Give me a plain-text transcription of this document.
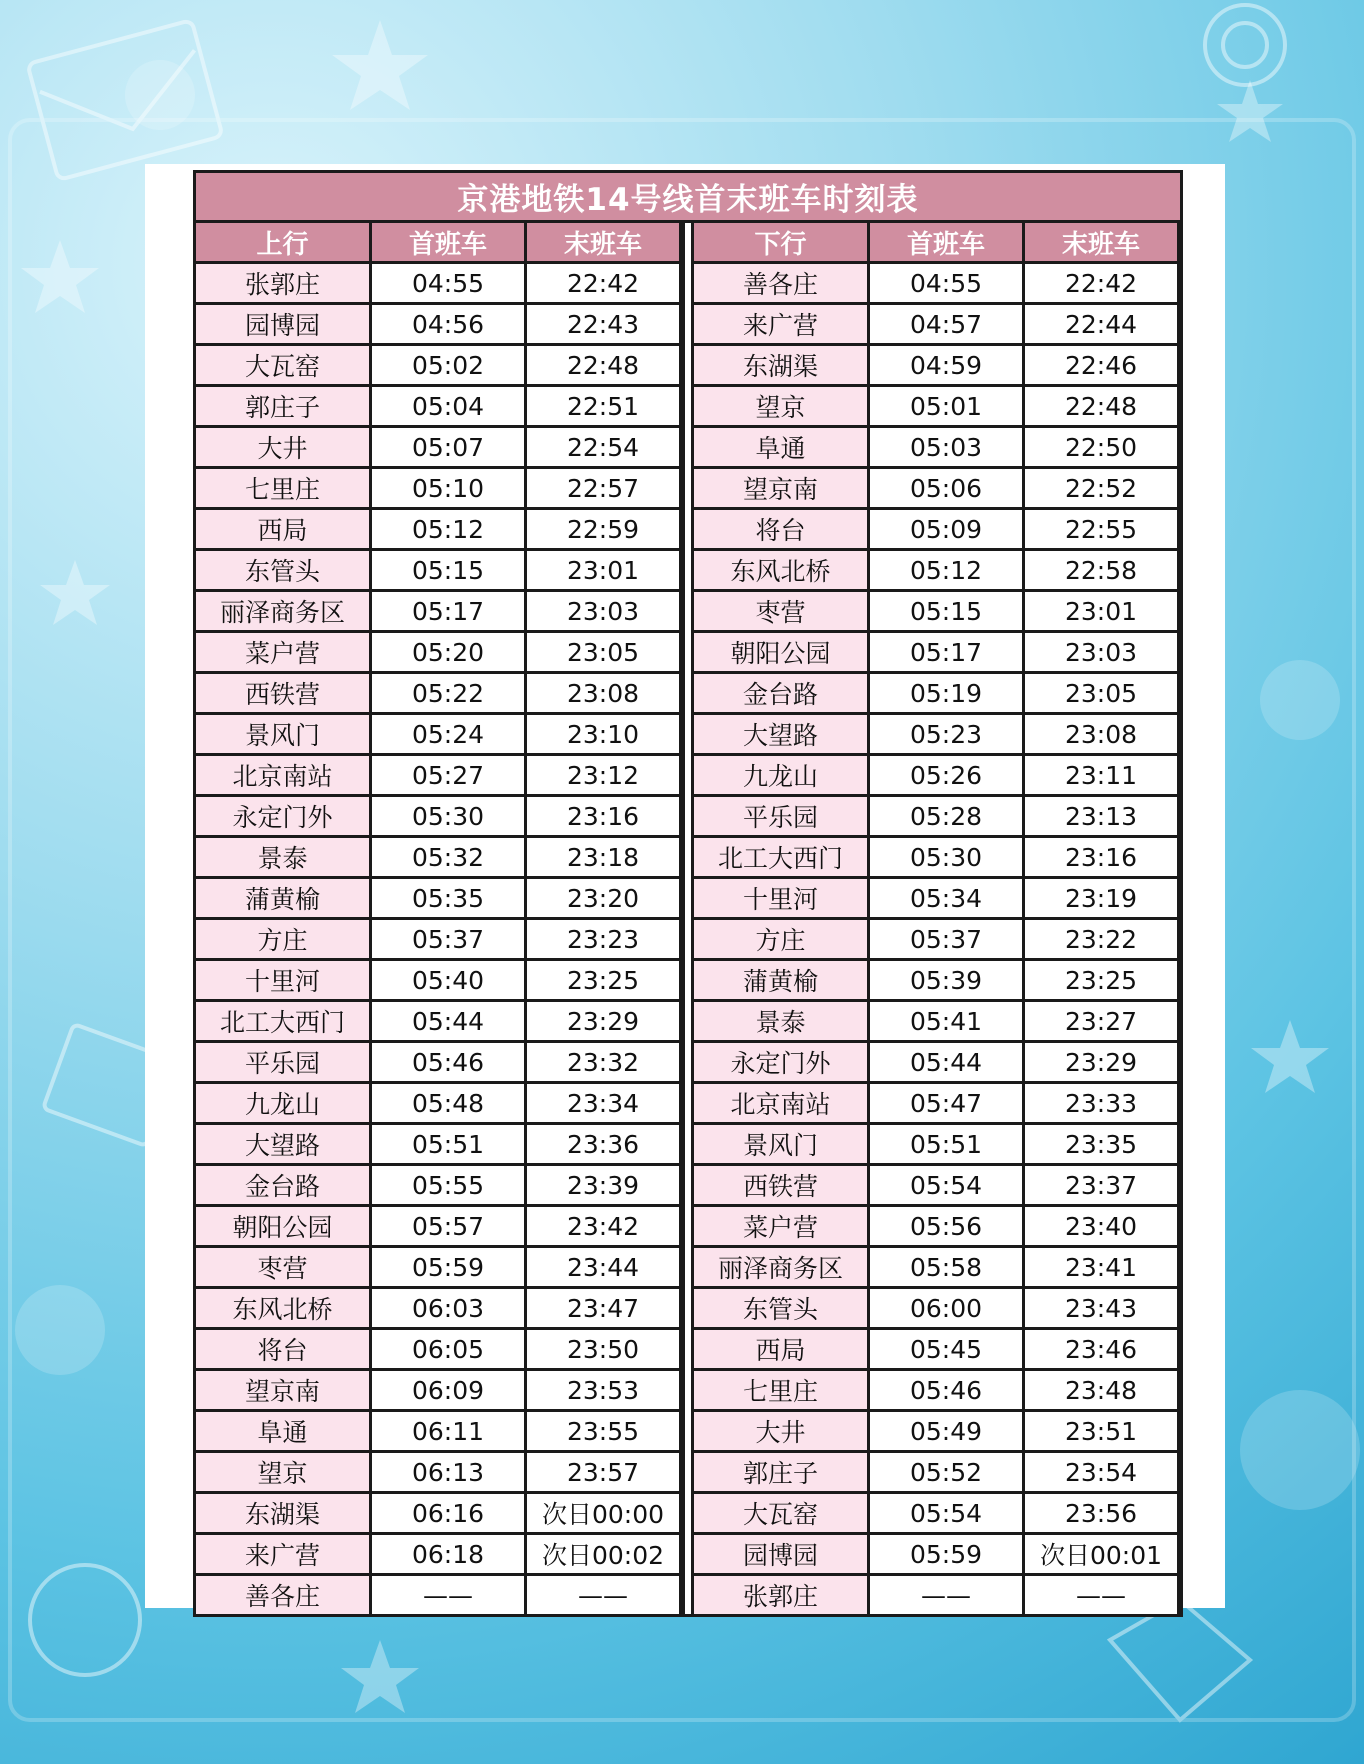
京港地铁14号线首末班车时刻表
上行	首班车	末班车
张郭庄	04:55	22:42
园博园	04:56	22:43
大瓦窑	05:02	22:48
郭庄子	05:04	22:51
大井	05:07	22:54
七里庄	05:10	22:57
西局	05:12	22:59
东管头	05:15	23:01
丽泽商务区	05:17	23:03
菜户营	05:20	23:05
西铁营	05:22	23:08
景风门	05:24	23:10
北京南站	05:27	23:12
永定门外	05:30	23:16
景泰	05:32	23:18
蒲黄榆	05:35	23:20
方庄	05:37	23:23
十里河	05:40	23:25
北工大西门	05:44	23:29
平乐园	05:46	23:32
九龙山	05:48	23:34
大望路	05:51	23:36
金台路	05:55	23:39
朝阳公园	05:57	23:42
枣营	05:59	23:44
东风北桥	06:03	23:47
将台	06:05	23:50
望京南	06:09	23:53
阜通	06:11	23:55
望京	06:13	23:57
东湖渠	06:16	次日00:00
来广营	06:18	次日00:02
善各庄	——	——
下行	首班车	末班车
善各庄	04:55	22:42
来广营	04:57	22:44
东湖渠	04:59	22:46
望京	05:01	22:48
阜通	05:03	22:50
望京南	05:06	22:52
将台	05:09	22:55
东风北桥	05:12	22:58
枣营	05:15	23:01
朝阳公园	05:17	23:03
金台路	05:19	23:05
大望路	05:23	23:08
九龙山	05:26	23:11
平乐园	05:28	23:13
北工大西门	05:30	23:16
十里河	05:34	23:19
方庄	05:37	23:22
蒲黄榆	05:39	23:25
景泰	05:41	23:27
永定门外	05:44	23:29
北京南站	05:47	23:33
景风门	05:51	23:35
西铁营	05:54	23:37
菜户营	05:56	23:40
丽泽商务区	05:58	23:41
东管头	06:00	23:43
西局	05:45	23:46
七里庄	05:46	23:48
大井	05:49	23:51
郭庄子	05:52	23:54
大瓦窑	05:54	23:56
园博园	05:59	次日00:01
张郭庄	——	——
